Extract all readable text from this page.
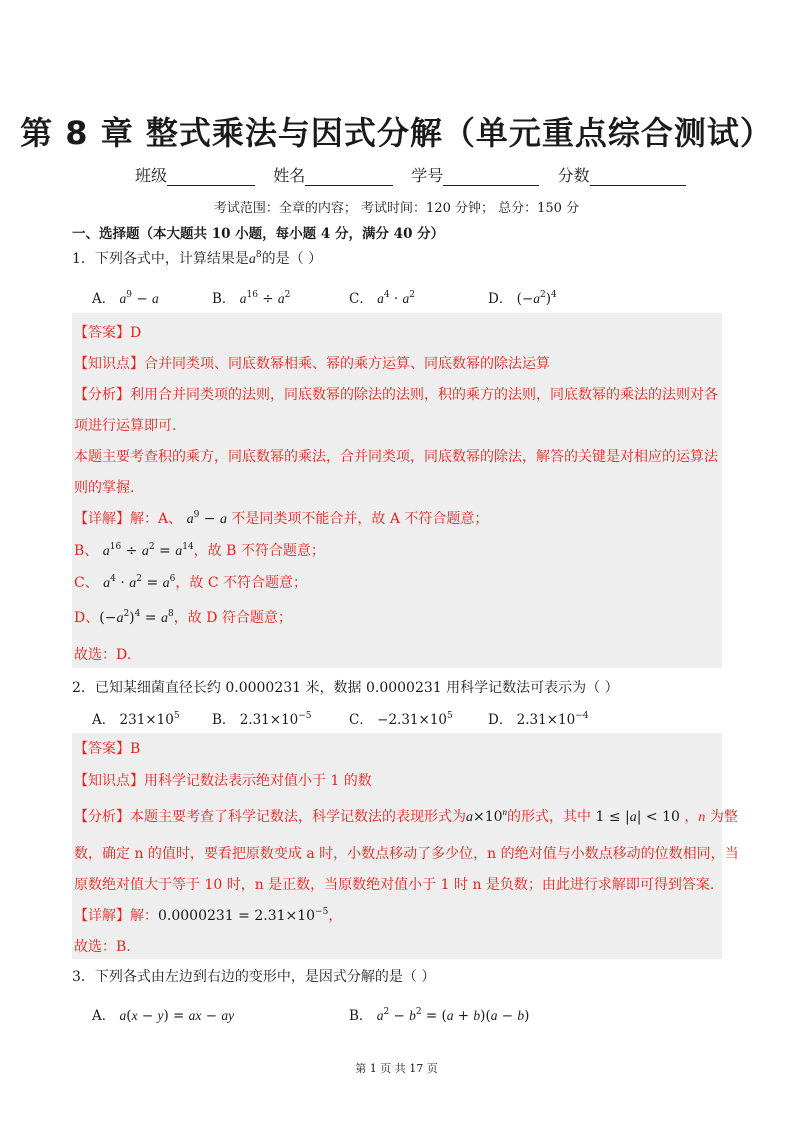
第 8 章 整式乘法与因式分解（单元重点综合测试）
班级	姓名	学号	分数
考试范围：全章的内容； 考试时间：120 分钟； 总分：150 分
一、选择题（本大题共 10 小题，每小题 4 分，满分 40 分）
1．下列各式中，计算结果是$a^8$的是（ ）
A． $a^9 - a$	B． $a^{16} \div a^2$	C． $a^4 \cdot a^2$	D． $(-a^2)^4$
【答案】D
【知识点】合并同类项、同底数幂相乘、幂的乘方运算、同底数幂的除法运算
【分析】利用合并同类项的法则，同底数幂的除法的法则，积的乘方的法则，同底数幂的乘法的法则对各
项进行运算即可.
本题主要考查积的乘方，同底数幂的乘法，合并同类项，同底数幂的除法，解答的关键是对相应的运算法
则的掌握.
【详解】解：A、 $a^9 - a$ 不是同类项不能合并，故 A 不符合题意；
B、 $a^{16} \div a^2 = a^{14}$，故 B 不符合题意；
C、 $a^4 \cdot a^2 = a^6$，故 C 不符合题意；
D、$(-a^2)^4 = a^8$，故 D 符合题意；
故选：D.
2．已知某细菌直径长约 0.0000231 米，数据 0.0000231 用科学记数法可表示为（ ）
A． $231\times 10^5$ B． $2.31\times 10^{-5}$	C． $-2.31\times 10^5$	D． $2.31\times 10^{-4}$
【答案】B
【知识点】用科学记数法表示绝对值小于 1 的数
【分析】本题主要考查了科学记数法，科学记数法的表现形式为$a\times 10^n$的形式，其中 1 ≤ |a| < 10 ，n 为整
数，确定 n 的值时，要看把原数变成 a 时，小数点移动了多少位，n 的绝对值与小数点移动的位数相同，当
原数绝对值大于等于 10 时，n 是正数，当原数绝对值小于 1 时 n 是负数；由此进行求解即可得到答案.
【详解】解：$0.0000231 = 2.31\times 10^{-5}$，
故选：B.
3．下列各式由左边到右边的变形中，是因式分解的是（ ）
A． a(x − y) = ax − ay	B． $a^2 - b^2 = (a + b)(a - b)$
第 1 页 共 17 页
